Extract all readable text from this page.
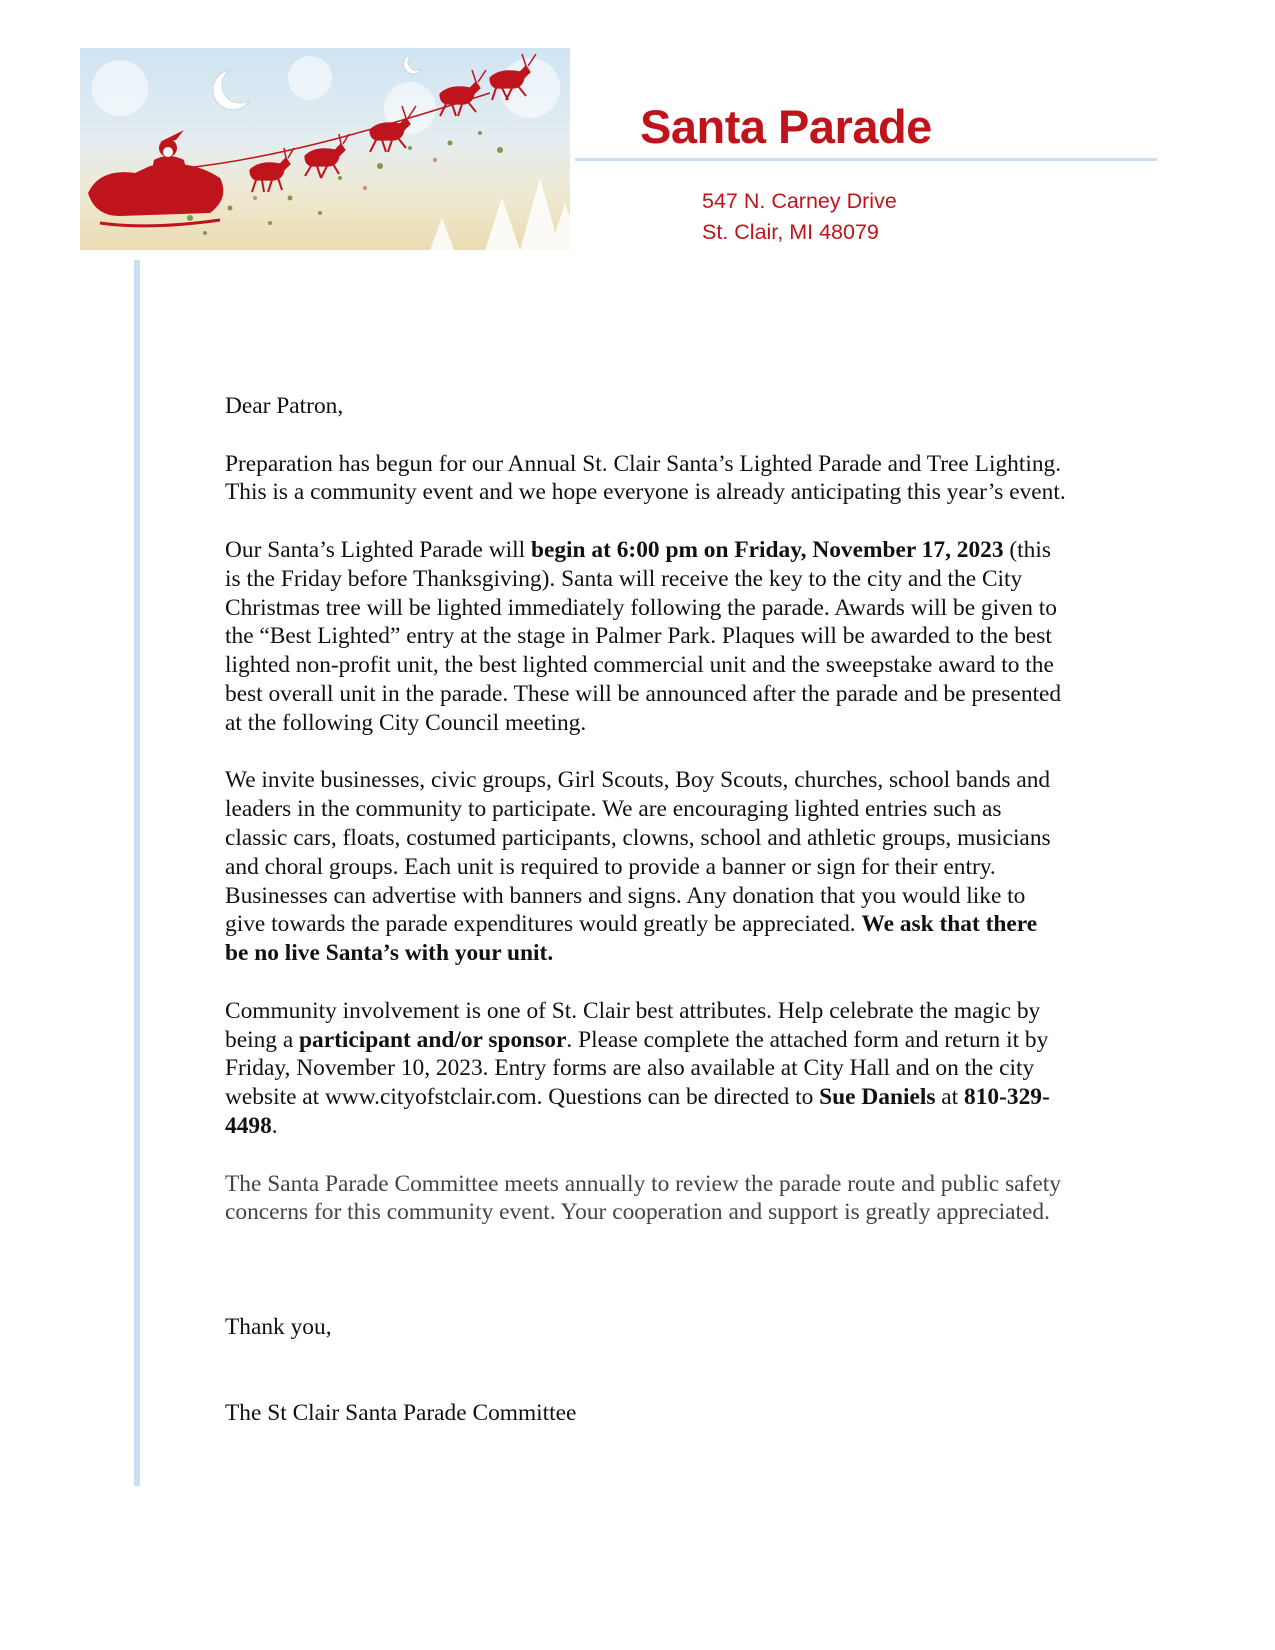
Santa Parade
547 N. Carney Drive
St. Clair, MI 48079

Dear Patron,

Preparation has begun for our Annual St. Clair Santa’s Lighted Parade and Tree Lighting.
This is a community event and we hope everyone is already anticipating this year’s event.

Our Santa’s Lighted Parade will begin at 6:00 pm on Friday, November 17, 2023 (this
is the Friday before Thanksgiving). Santa will receive the key to the city and the City
Christmas tree will be lighted immediately following the parade. Awards will be given to
the “Best Lighted” entry at the stage in Palmer Park. Plaques will be awarded to the best
lighted non-profit unit, the best lighted commercial unit and the sweepstake award to the
best overall unit in the parade. These will be announced after the parade and be presented
at the following City Council meeting.

We invite businesses, civic groups, Girl Scouts, Boy Scouts, churches, school bands and
leaders in the community to participate. We are encouraging lighted entries such as
classic cars, floats, costumed participants, clowns, school and athletic groups, musicians
and choral groups. Each unit is required to provide a banner or sign for their entry.
Businesses can advertise with banners and signs. Any donation that you would like to
give towards the parade expenditures would greatly be appreciated. We ask that there
be no live Santa’s with your unit.

Community involvement is one of St. Clair best attributes. Help celebrate the magic by
being a participant and/or sponsor. Please complete the attached form and return it by
Friday, November 10, 2023. Entry forms are also available at City Hall and on the city
website at www.cityofstclair.com. Questions can be directed to Sue Daniels at 810-329-
4498.

The Santa Parade Committee meets annually to review the parade route and public safety
concerns for this community event. Your cooperation and support is greatly appreciated.

Thank you,

The St Clair Santa Parade Committee
